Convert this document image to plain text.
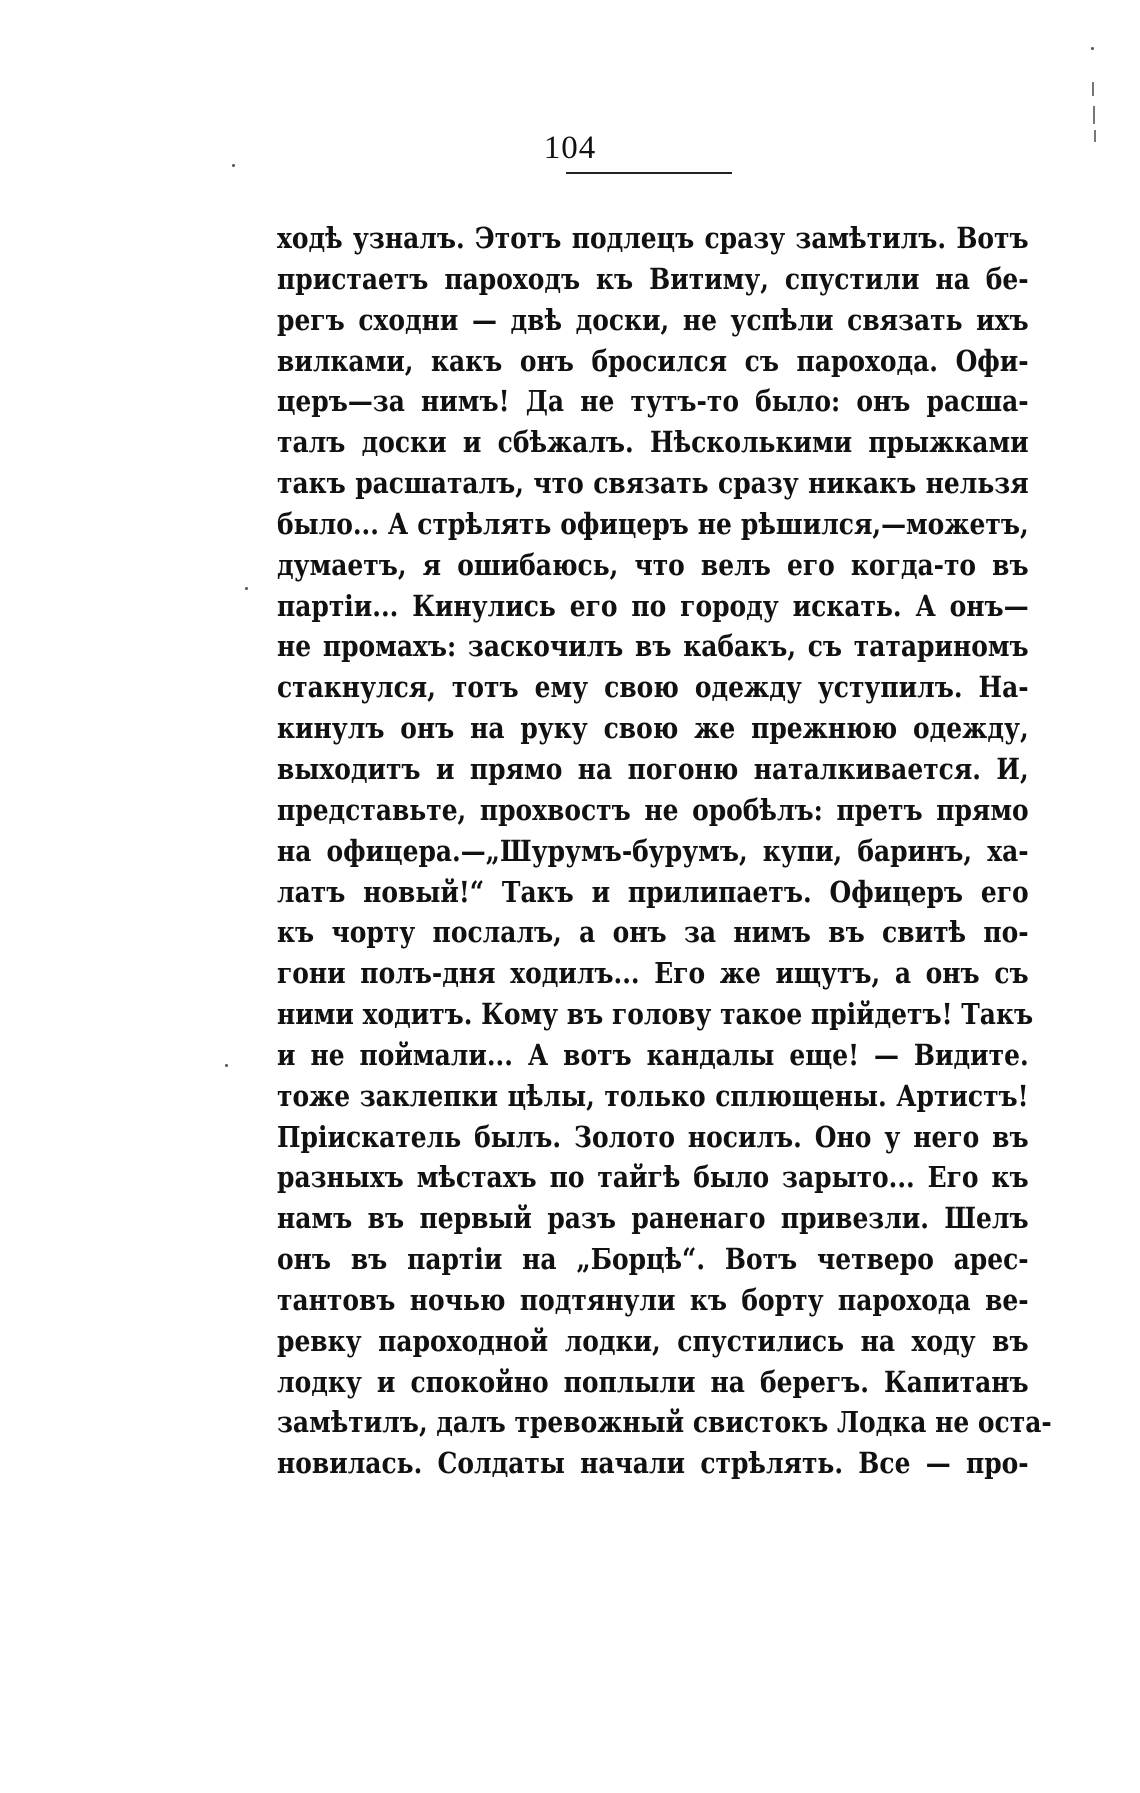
104
ходѣ узналъ. Этотъ подлецъ сразу замѣтилъ. Вотъ
пристаетъ пароходъ къ Витиму, спустили на бе-
регъ сходни — двѣ доски, не успѣли связать ихъ
вилками, какъ онъ бросился съ парохода. Офи-
церъ—за нимъ! Да не тутъ-то было: онъ расша-
талъ доски и сбѣжалъ. Нѣсколькими прыжками
такъ расшаталъ, что связать сразу никакъ нельзя
было... А стрѣлять офицеръ не рѣшился,—можетъ,
думаетъ, я ошибаюсь, что велъ его когда-то въ
партіи... Кинулись его по городу искать. А онъ—
не промахъ: заскочилъ въ кабакъ, съ татариномъ
стакнулся, тотъ ему свою одежду уступилъ. На-
кинулъ онъ на руку свою же прежнюю одежду,
выходитъ и прямо на погоню наталкивается. И,
представьте, прохвостъ не оробѣлъ: претъ прямо
на офицера.—„Шурумъ-бурумъ, купи, баринъ, ха-
латъ новый!“ Такъ и прилипаетъ. Офицеръ его
къ чорту послалъ, а онъ за нимъ въ свитѣ по-
гони полъ-дня ходилъ... Его же ищутъ, а онъ съ
ними ходитъ. Кому въ голову такое прійдетъ! Такъ
и не поймали... А вотъ кандалы еще! — Видите.
тоже заклепки цѣлы, только сплющены. Артистъ!
Пріискатель былъ. Золото носилъ. Оно у него въ
разныхъ мѣстахъ по тайгѣ было зарыто... Его къ
намъ въ первый разъ раненаго привезли. Шелъ
онъ въ партіи на „Борцѣ“. Вотъ четверо арес-
тантовъ ночью подтянули къ борту парохода ве-
ревку пароходной лодки, спустились на ходу въ
лодку и спокойно поплыли на берегъ. Капитанъ
замѣтилъ, далъ тревожный свистокъ Лодка не оста-
новилась. Солдаты начали стрѣлять. Все — про-
